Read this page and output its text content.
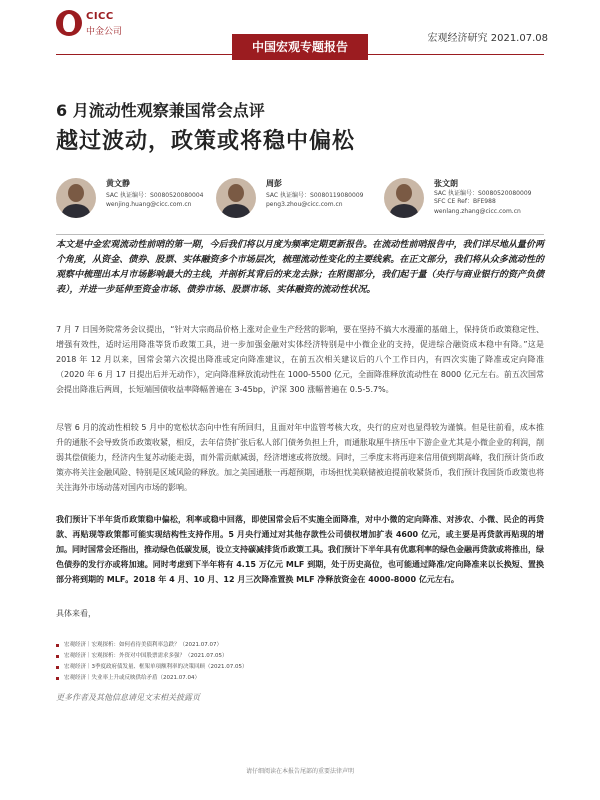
CICC
中金公司
中国宏观专题报告
宏观经济研究 2021.07.08
6 月流动性观察兼国常会点评
越过波动，政策或将稳中偏松
黄文静
SAC 执证编号：S0080520080004
wenjing.huang@cicc.com.cn
周彭
SAC 执证编号：S0080119080009
peng3.zhou@cicc.com.cn
张文朗
SAC 执证编号：S0080520080009
SFC CE Ref：BFE988
wenlang.zhang@cicc.com.cn
本文是中金宏观流动性前哨的第一期，今后我们将以月度为频率定期更新报告。在流动性前哨报告中，我们详尽地从量价两个角度，从资金、债券、股票、实体融资多个市场层次，梳理流动性变化的主要线索。在正文部分，我们将从众多流动性的观察中梳理出本月市场影响最大的主线，并剖析其背后的来龙去脉；在附图部分，我们起于量（央行与商业银行的资产负债表），并进一步延伸至资金市场、债券市场、股票市场、实体融资的流动性状况。
7 月 7 日国务院常务会议提出，“针对大宗商品价格上涨对企业生产经营的影响，要在坚持不搞大水漫灌的基础上，保持货币政策稳定性、增强有效性，适时运用降准等货币政策工具，进一步加强金融对实体经济特别是中小微企业的支持，促进综合融资成本稳中有降。”这是 2018 年 12 月以来，国常会第六次提出降准或定向降准建议，在前五次相关建议后的八个工作日内，有四次实施了降准或定向降准（2020 年 6 月 17 日提出后并无动作），定向降准释放流动性在 1000-5500 亿元，全面降准释放流动性在 8000 亿元左右。前五次国常会提出降准后两周，长短端国债收益率降幅普遍在 3-45bp，沪深 300 涨幅普遍在 0.5-5.7%。
尽管 6 月的流动性相较 5 月中的宽松状态向中性有所回归，且面对年中监管考核大攻，央行的应对也显得较为谨慎。但是往前看，成本推升的通胀不会导致货币政策收紧，相反，去年信贷扩张后私人部门债务负担上升，而通胀取厘牛挤压中下游企业尤其是小微企业的利润，削弱其偿债能力，经济内生复苏动能走弱，而外需贡献减弱，经济增速或将放缓。同时，三季度末将再迎来信用债到期高峰，我们预计货币政策亦将关注金融风险、特别是区域风险的释放。加之美国通胀一再超预期，市场担忧美联储被迫提前收紧货币，我们预计我国货币政策也将关注海外市场动荡对国内市场的影响。
我们预计下半年货币政策稳中偏松，利率或稳中回落，即使国常会后不实施全面降准，对中小微的定向降准、对涉农、小微、民企的再贷款、再贴现等政策都可能实现结构性支持作用。5 月央行通过对其他存款性公司债权增加扩表 4600 亿元，或主要是再贷款再贴现的增加。同时国常会还指出，推动绿色低碳发展，设立支持碳减排货币政策工具。我们预计下半年具有优惠利率的绿色金融再贷款或将推出，绿色债券的发行亦或将加速。同时考虑到下半年将有 4.15 万亿元 MLF 到期，处于历史高位，也可能通过降准/定向降准来以长换短、置换部分将到期的 MLF。2018 年 4 月、10 月、12 月三次降准置换 MLF 净释放资金在 4000-8000 亿元左右。
具体来看，
宏观经济｜宏观探析：如何看待美债利率急跌？（2021.07.07）
宏观经济｜宏观探析：外资对中国股票需求多强？（2021.07.05）
宏观经济｜3季度政府债发量、框架单项额利率的决策回顾（2021.07.05）
宏观经济｜失业率上升或反映供给矛盾（2021.07.04）
更多作者及其他信息请见文末相关披露页
请仔细阅读在本报告尾部的重要法律声明
